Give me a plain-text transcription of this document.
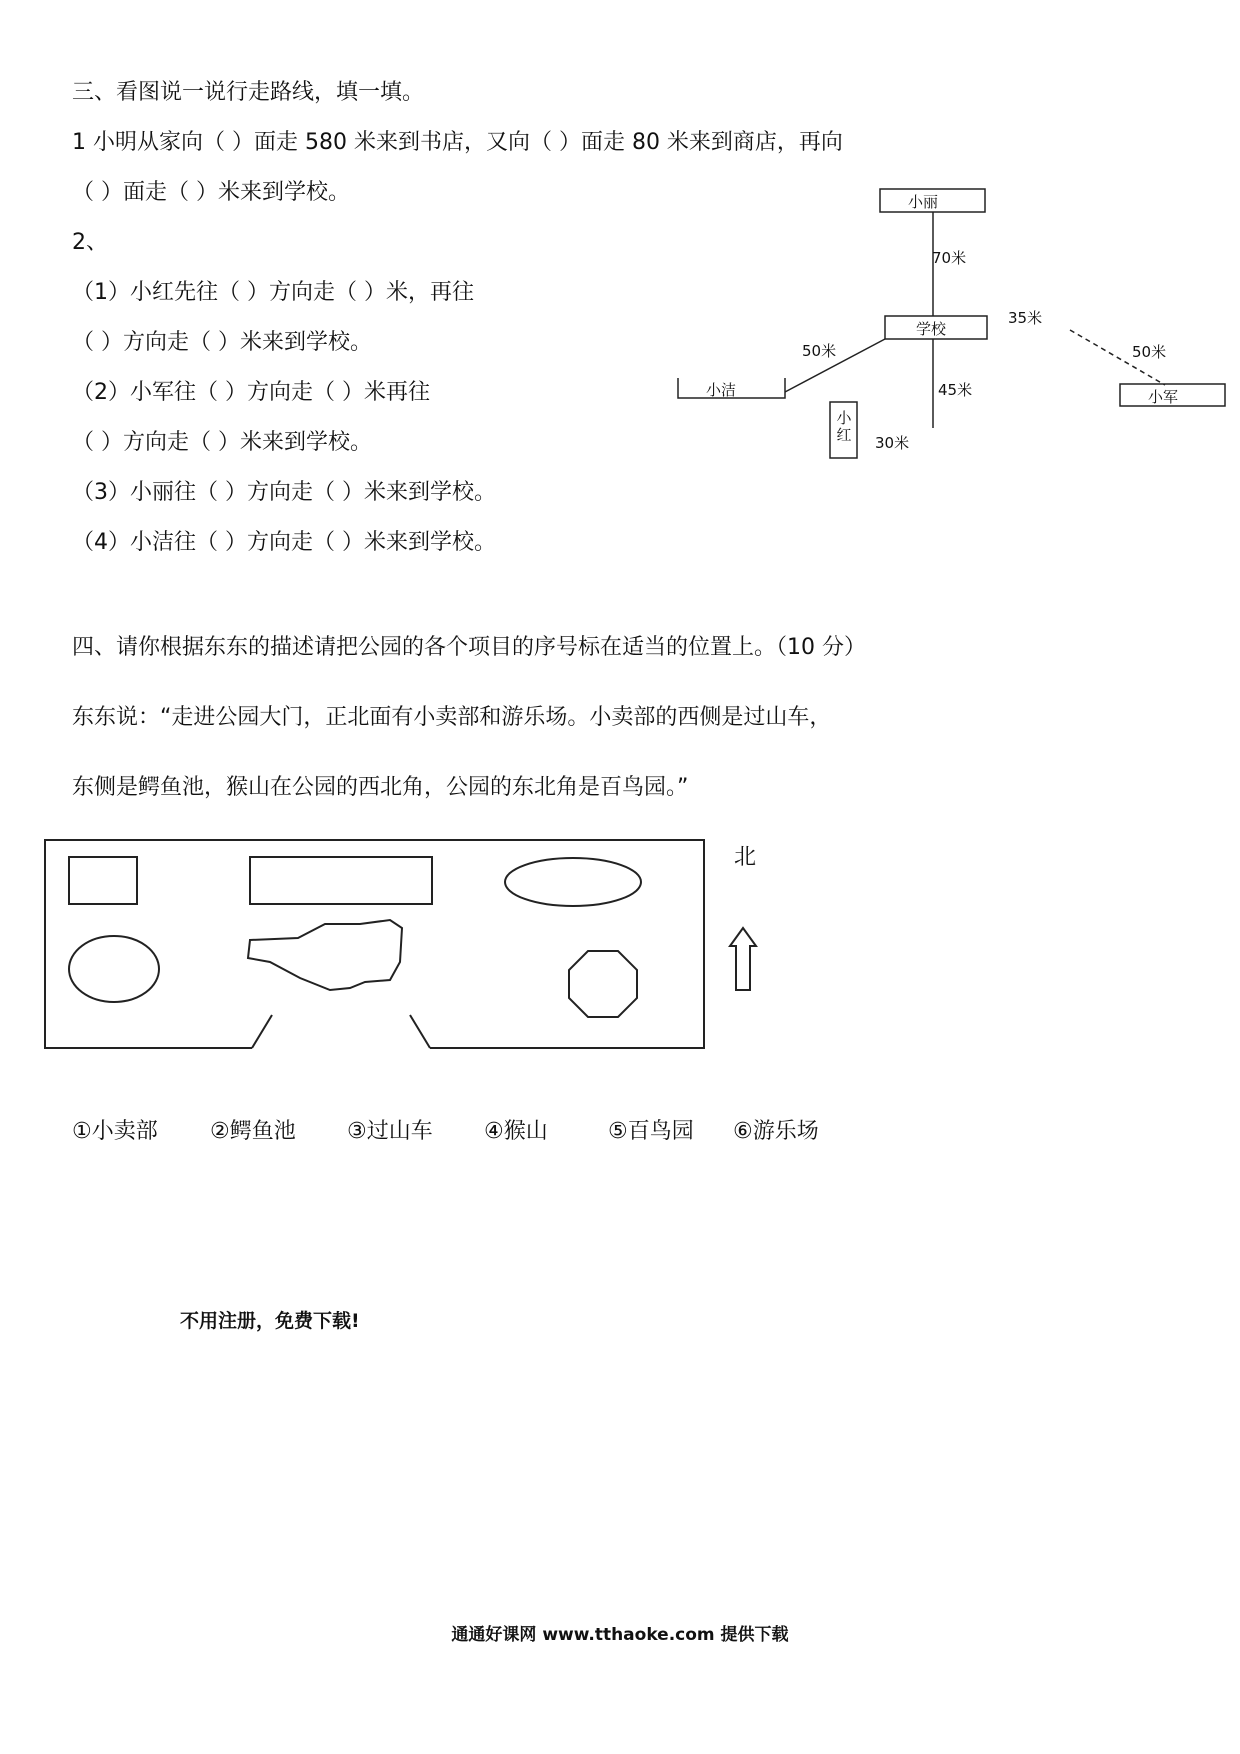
三、看图说一说行走路线，填一填。
1 小明从家向（ ）面走 580 米来到书店，又向（ ）面走 80 米来到商店，再向
（ ）面走（ ）米来到学校。
2、
（1）小红先往（ ）方向走（ ）米，再往
（ ）方向走（ ）米来到学校。
（2）小军往（ ）方向走（ ）米再往
（ ）方向走（ ）米来到学校。
（3）小丽往（ ）方向走（ ）米来到学校。
（4）小洁往（ ）方向走（ ）米来到学校。
小丽
学校
小洁	小军
小红
70米
50米
45米
30米
35米
50米
四、请你根据东东的描述请把公园的各个项目的序号标在适当的位置上。（10 分）
东东说：“走进公园大门，正北面有小卖部和游乐场。小卖部的西侧是过山车，
东侧是鳄鱼池，猴山在公园的西北角，公园的东北角是百鸟园。”
北
①小卖部 ②鳄鱼池 ③过山车 ④猴山	⑤百鸟园 ⑥游乐场
不用注册，免费下载!
通通好课网 www.tthaoke.com 提供下载
